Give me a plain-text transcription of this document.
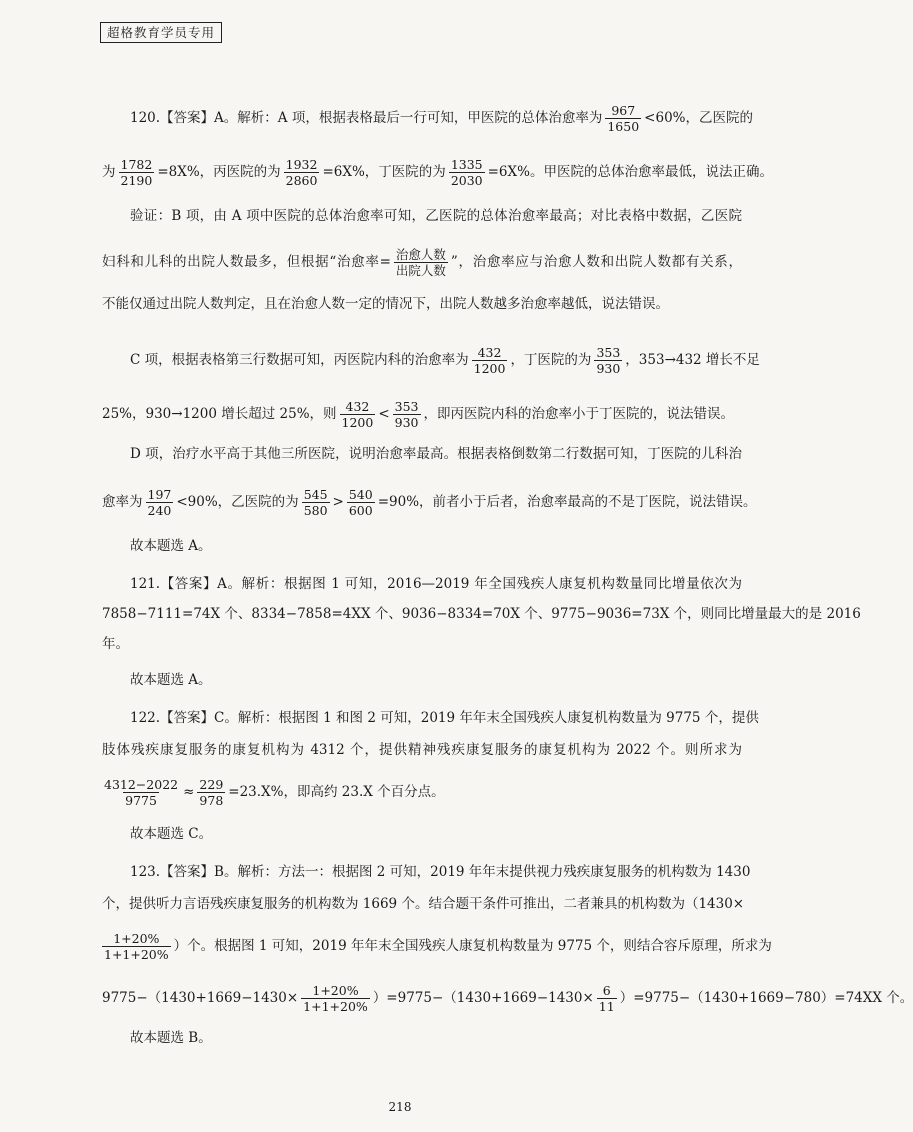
超格教育学员专用
120.【答案】A。解析：A 项，根据表格最后一行可知，甲医院的总体治愈率为 $\frac{967}{1650} <60\%$，乙医院的
为 $\frac{1782}{2190} =8X\%$，丙医院的为 $\frac{1932}{2860} =6X\%$，丁医院的为 $\frac{1335}{2030} =6X\%$。甲医院的总体治愈率最低，说法正确。
验证：B 项，由 A 项中医院的总体治愈率可知，乙医院的总体治愈率最高；对比表格中数据，乙医院
妇科和儿科的出院人数最多，但根据“治愈率= $\frac{\text{治愈人数}}{\text{出院人数}}$ ”，治愈率应与治愈人数和出院人数都有关系，
不能仅通过出院人数判定，且在治愈人数一定的情况下，出院人数越多治愈率越低，说法错误。
C 项，根据表格第三行数据可知，丙医院内科的治愈率为 $\frac{432}{1200}$ ，丁医院的为 $\frac{353}{930}$ ，353→432 增长不足
25%，930→1200 增长超过 25%，则 $\frac{432}{1200} < \frac{353}{930}$ ，即丙医院内科的治愈率小于丁医院的，说法错误。
D 项，治疗水平高于其他三所医院，说明治愈率最高。根据表格倒数第二行数据可知，丁医院的儿科治
愈率为 $\frac{197}{240} <90\%$，乙医院的为 $\frac{545}{580} > \frac{540}{600} =90\%$，前者小于后者，治愈率最高的不是丁医院，说法错误。
故本题选 A。
121.【答案】A。解析：根据图 1 可知，2016—2019 年全国残疾人康复机构数量同比增量依次为
7858−7111=74X 个、8334−7858=4XX 个、9036−8334=70X 个、9775−9036=73X 个，则同比增量最大的是 2016
年。
故本题选 A。
122.【答案】C。解析：根据图 1 和图 2 可知，2019 年年末全国残疾人康复机构数量为 9775 个，提供
肢体残疾康复服务的康复机构为 4312 个，提供精神残疾康复服务的康复机构为 2022 个。则所求为
$\frac{4312-2022}{9775} \approx \frac{229}{978} =23.X\%$，即高约 23.X 个百分点。
故本题选 C。
123.【答案】B。解析：方法一：根据图 2 可知，2019 年年末提供视力残疾康复服务的机构数为 1430
个，提供听力言语残疾康复服务的机构数为 1669 个。结合题干条件可推出，二者兼具的机构数为（1430×
$\frac{1+20\%}{1+1+20\%}$ ）个。根据图 1 可知，2019 年年末全国残疾人康复机构数量为 9775 个，则结合容斥原理，所求为
$9775-(1430+1669-1430\times \frac{1+20\%}{1+1+20\%} )=9775-(1430+1669-1430\times \frac{6}{11} )=9775-(1430+1669-780)=74XX$ 个。
故本题选 B。
218
